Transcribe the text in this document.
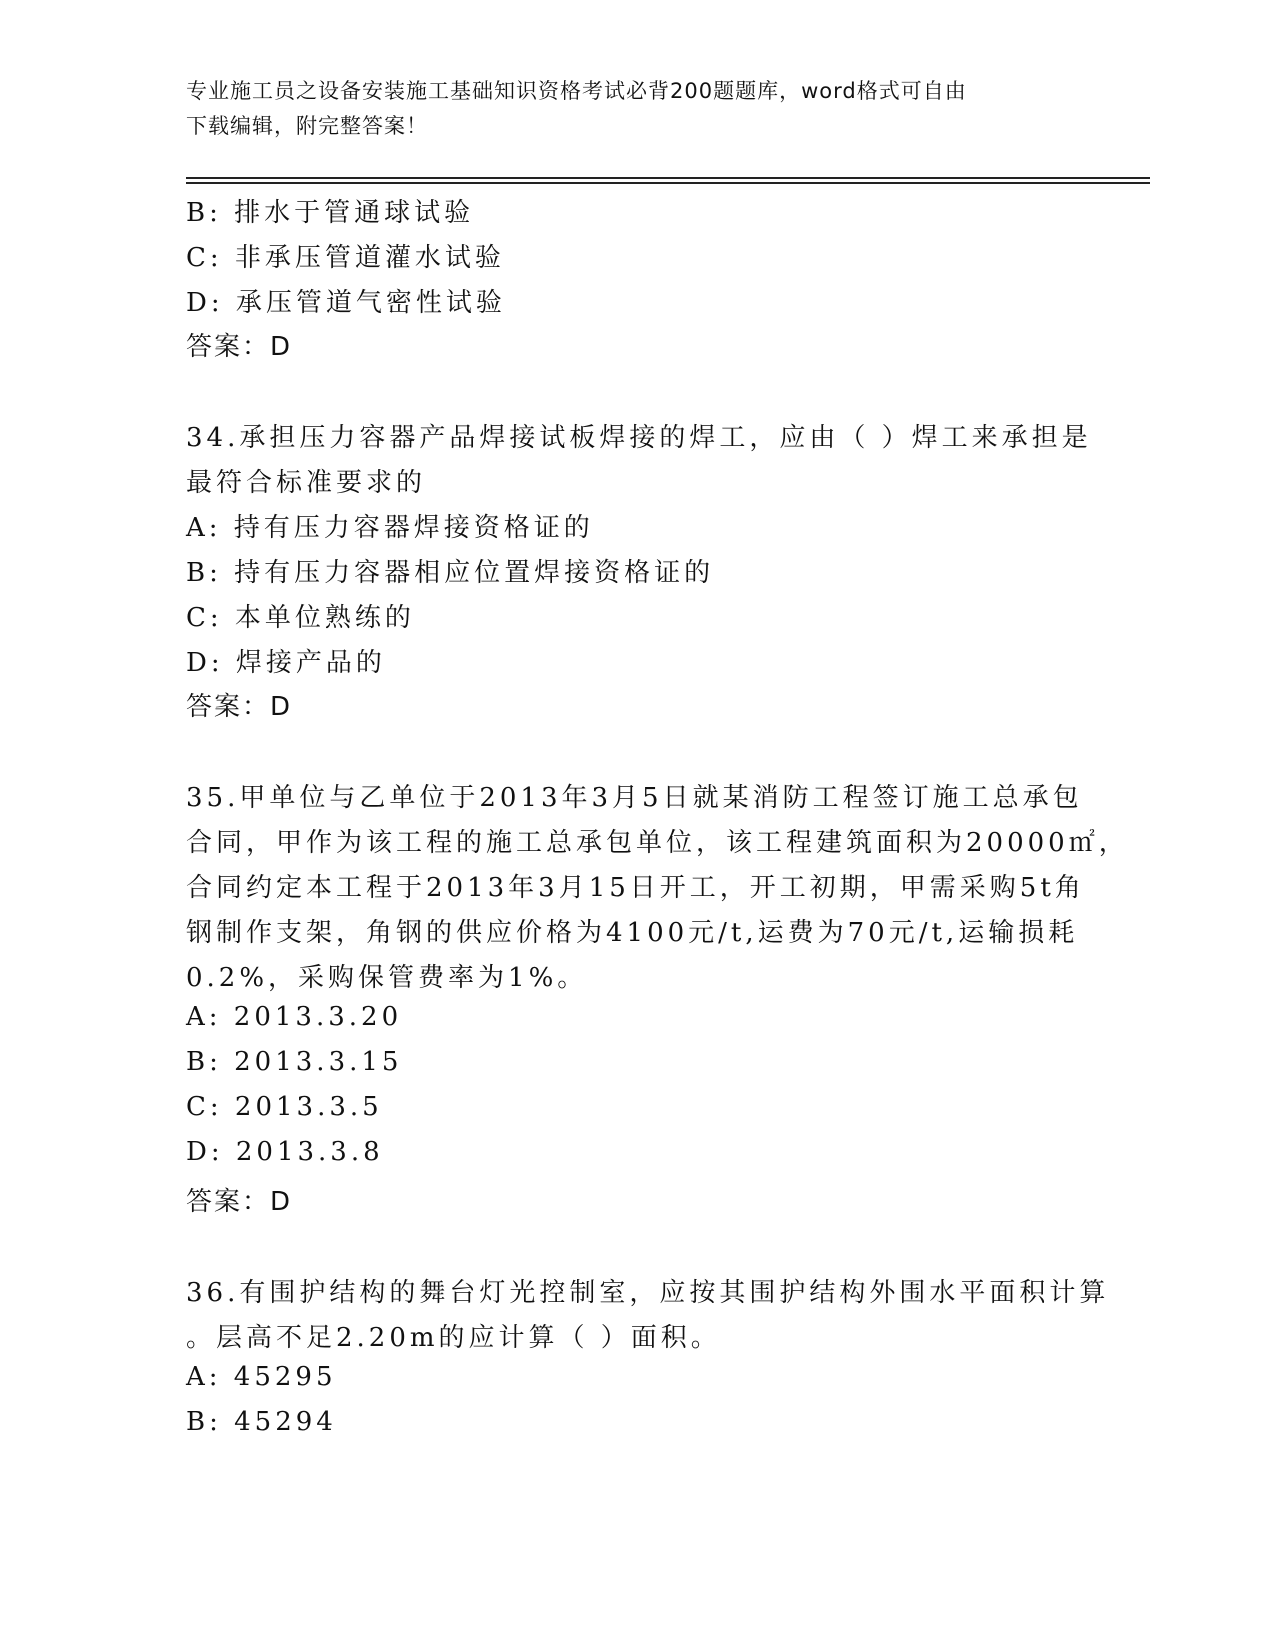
专业施工员之设备安装施工基础知识资格考试必背200题题库，word格式可自由
下载编辑，附完整答案！
B: 排水于管通球试验
C: 非承压管道灌水试验
D: 承压管道气密性试验
答案：D
34.承担压力容器产品焊接试板焊接的焊工，应由（ ）焊工来承担是
最符合标准要求的
A: 持有压力容器焊接资格证的
B: 持有压力容器相应位置焊接资格证的
C: 本单位熟练的
D: 焊接产品的
答案：D
35.甲单位与乙单位于2013年3月5日就某消防工程签订施工总承包
合同，甲作为该工程的施工总承包单位，该工程建筑面积为20000㎡，
合同约定本工程于2013年3月15日开工，开工初期，甲需采购5t角
钢制作支架，角钢的供应价格为4100元/t,运费为70元/t,运输损耗
0.2%，采购保管费率为1%。
A: 2013.3.20
B: 2013.3.15
C: 2013.3.5
D: 2013.3.8
答案：D
36.有围护结构的舞台灯光控制室，应按其围护结构外围水平面积计算
。层高不足2.20m的应计算（ ）面积。
A: 45295
B: 45294
